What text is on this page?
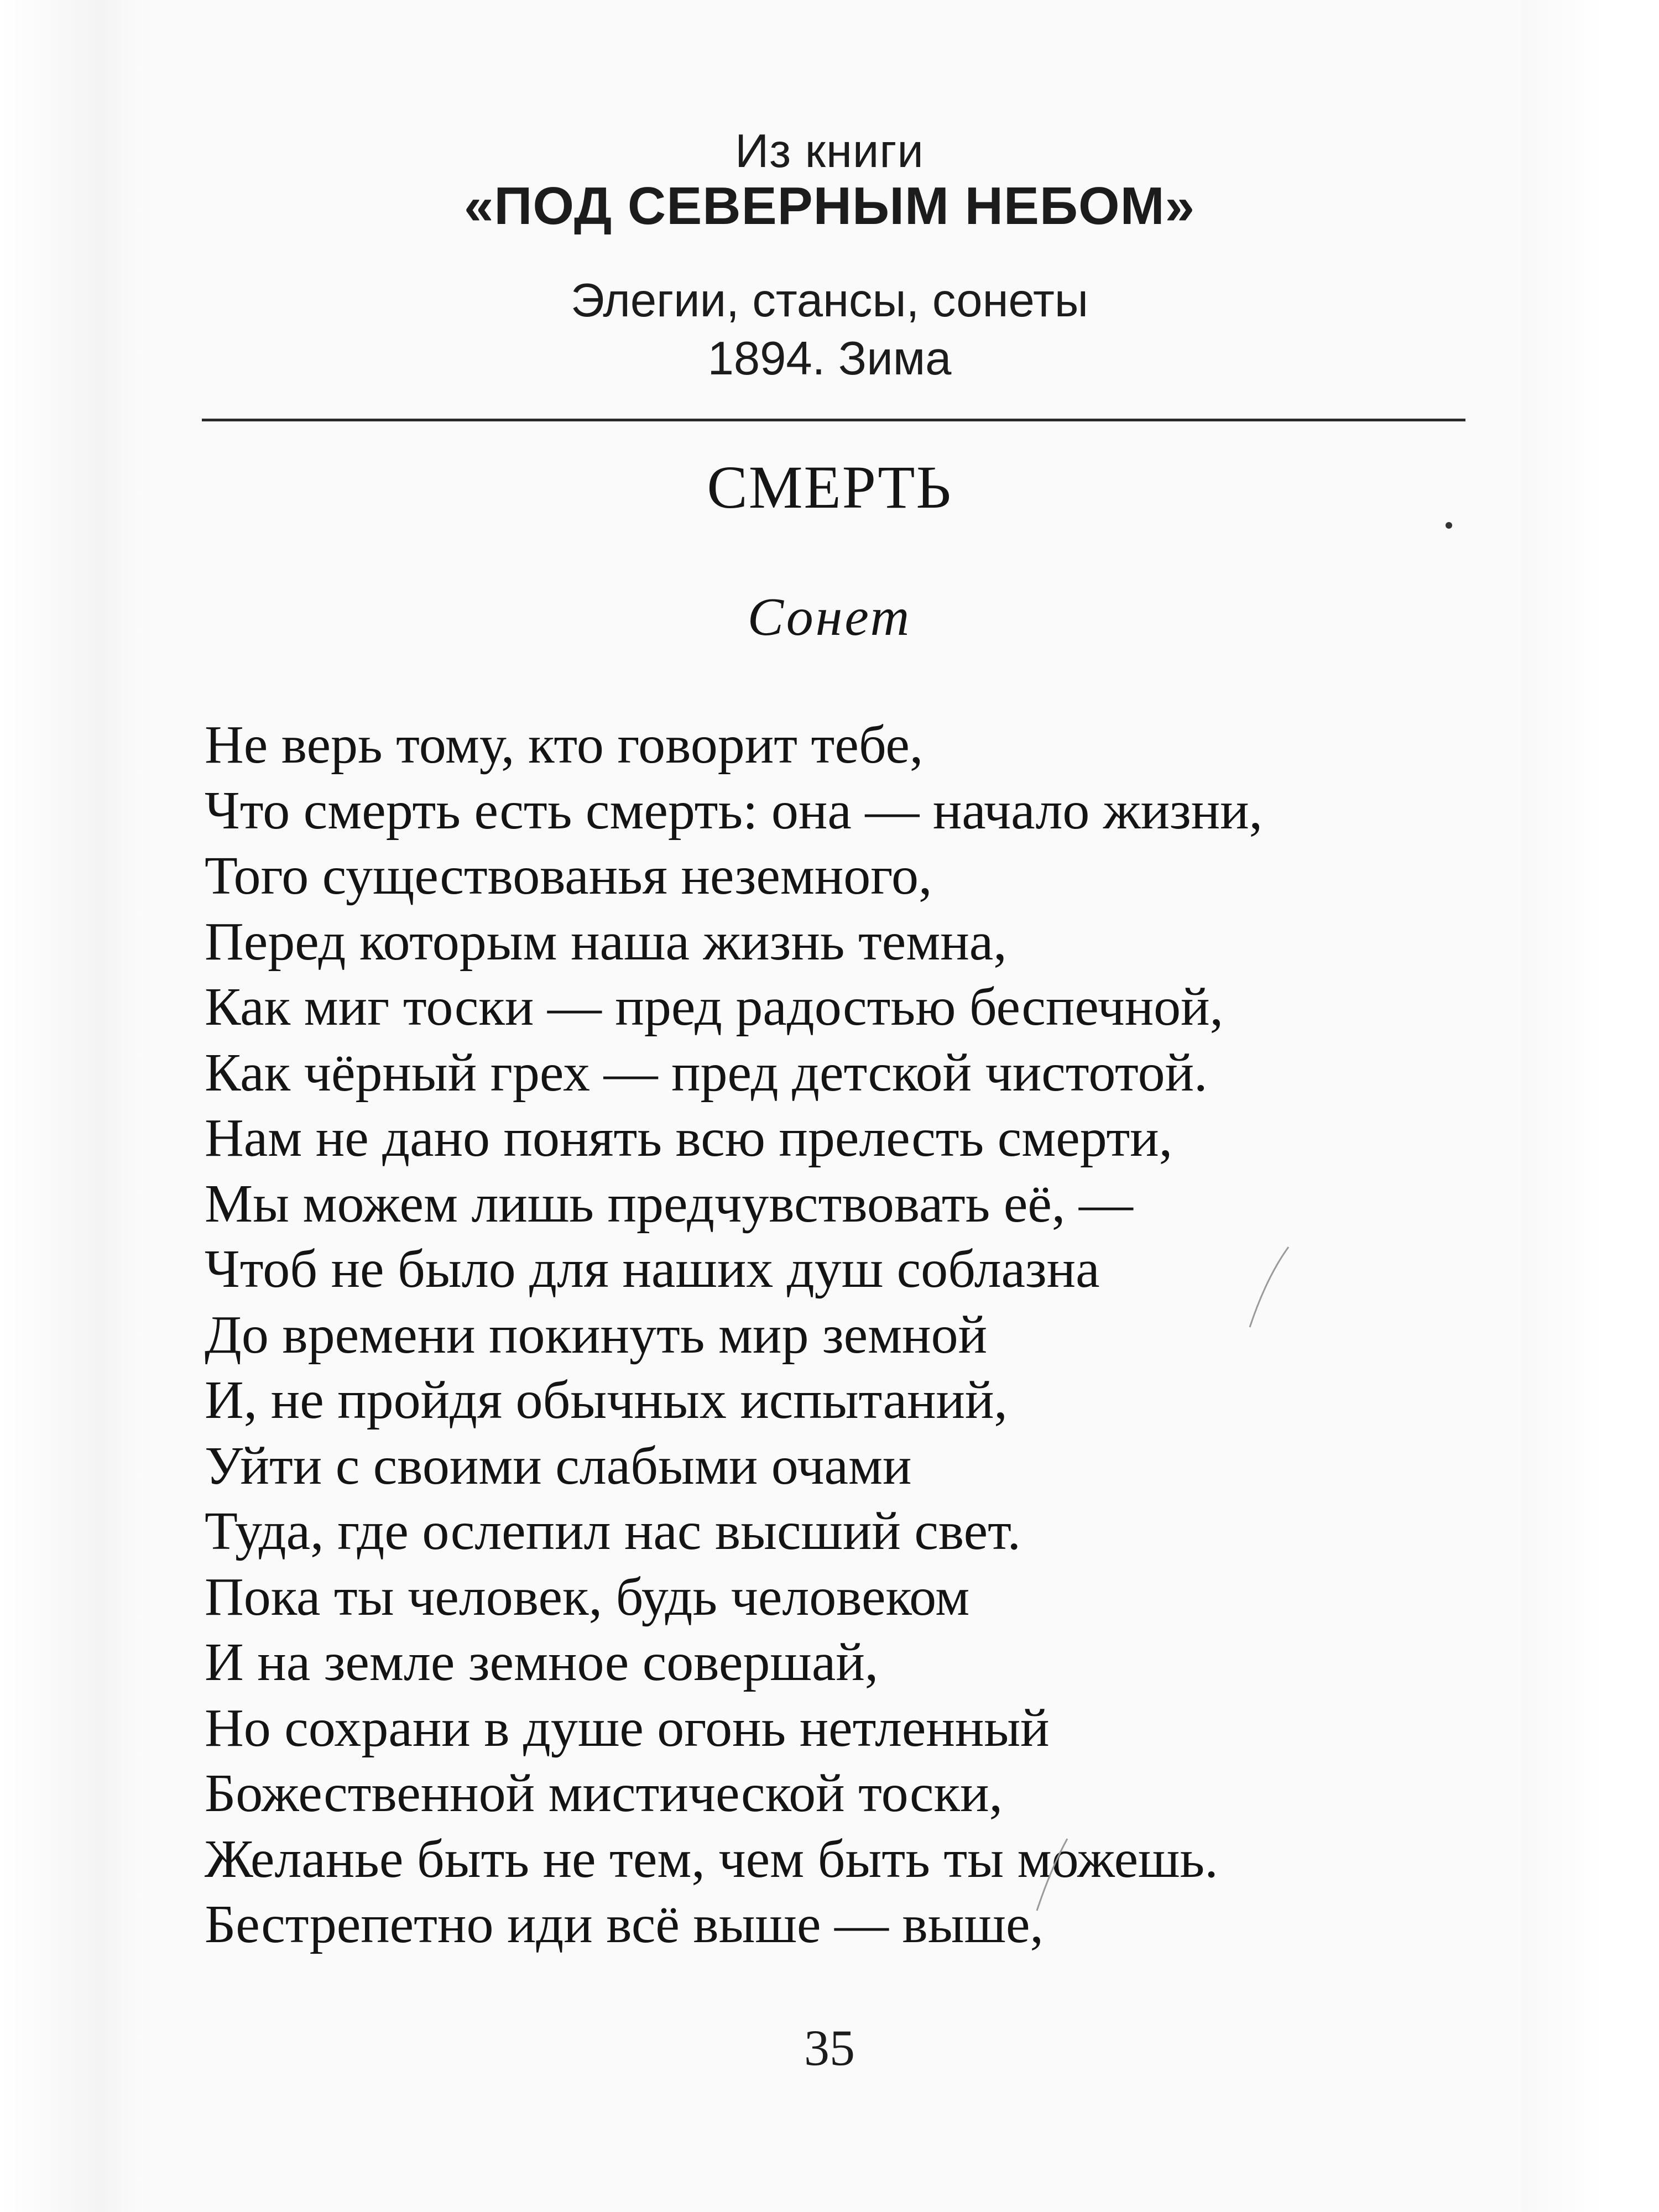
Из книги
«ПОД СЕВЕРНЫМ НЕБОМ»
Элегии, стансы, сонеты
1894. Зима
СМЕРТЬ
Сонет
Не верь тому, кто говорит тебе,
Что смерть есть смерть: она — начало жизни,
Того существованья неземного,
Перед которым наша жизнь темна,
Как миг тоски — пред радостью беспечной,
Как чёрный грех — пред детской чистотой.
Нам не дано понять всю прелесть смерти,
Мы можем лишь предчувствовать её, —
Чтоб не было для наших душ соблазна
До времени покинуть мир земной
И, не пройдя обычных испытаний,
Уйти с своими слабыми очами
Туда, где ослепил нас высший свет.
Пока ты человек, будь человеком
И на земле земное совершай,
Но сохрани в душе огонь нетленный
Божественной мистической тоски,
Желанье быть не тем, чем быть ты можешь.
Бестрепетно иди всё выше — выше,
35
